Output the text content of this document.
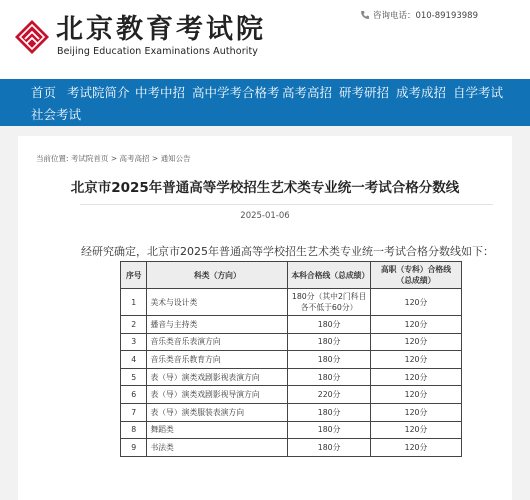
北京教育考试院
Beijing Education Examinations Authority
咨询电话：010-89193989
首页 考试院简介 中考中招 高中学考合格考 高考高招 研考研招 成考成招 自学考试
社会考试
当前位置: 考试院首页 > 高考高招 > 通知公告
北京市2025年普通高等学校招生艺术类专业统一考试合格分数线
2025-01-06
经研究确定，北京市2025年普通高等学校招生艺术类专业统一考试合格分数线如下：
序号	科类（方向）	本科合格线（总成绩）	高职（专科）合格线（总成绩）
1	美术与设计类	180分（其中2门科目各不低于60分）	120分
2	播音与主持类	180分	120分
3	音乐类音乐表演方向	180分	120分
4	音乐类音乐教育方向	180分	120分
5	表（导）演类戏剧影视表演方向	180分	120分
6	表（导）演类戏剧影视导演方向	220分	120分
7	表（导）演类服装表演方向	180分	120分
8	舞蹈类	180分	120分
9	书法类	180分	120分
